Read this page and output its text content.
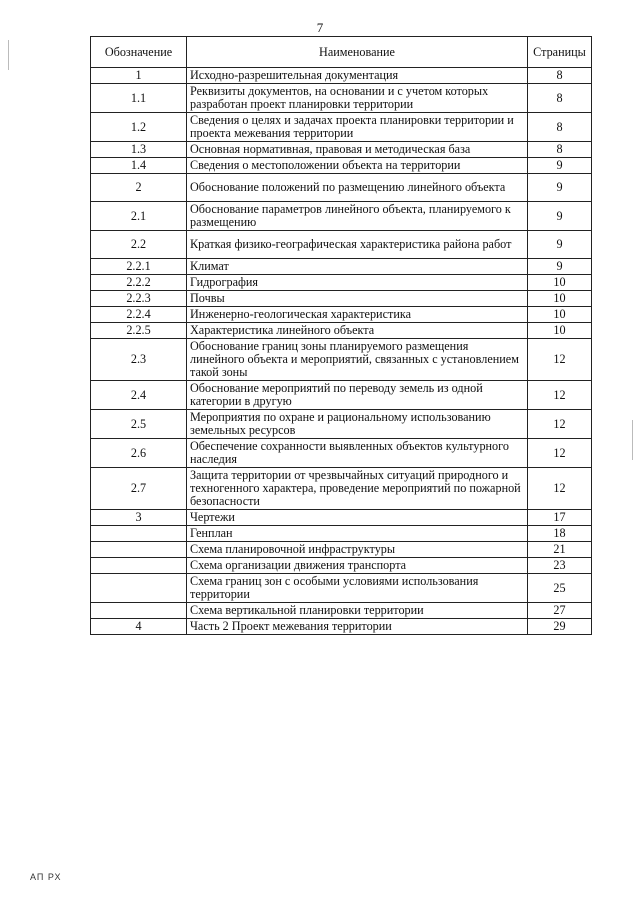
7
Обозначение	Наименование	Страницы
1	Исходно-разрешительная документация	8
1.1	Реквизиты документов, на основании и с учетом которых разработан проект планировки территории	8
1.2	Сведения о целях и задачах проекта планировки территории и проекта межевания территории	8
1.3	Основная нормативная, правовая и методическая база	8
1.4	Сведения о местоположении объекта на территории	9
2	Обоснование положений по размещению линейного объекта	9
2.1	Обоснование параметров линейного объекта, планируемого к размещению	9
2.2	Краткая физико-географическая характеристика района работ	9
2.2.1	Климат	9
2.2.2	Гидрография	10
2.2.3	Почвы	10
2.2.4	Инженерно-геологическая характеристика	10
2.2.5	Характеристика линейного объекта	10
2.3	Обоснование границ зоны планируемого размещения линейного объекта и мероприятий, связанных с установлением такой зоны	12
2.4	Обоснование мероприятий по переводу земель из одной категории в другую	12
2.5	Мероприятия по охране и рациональному использованию земельных ресурсов	12
2.6	Обеспечение сохранности выявленных объектов культурного наследия	12
2.7	Защита территории от чрезвычайных ситуаций природного и техногенного характера, проведение мероприятий по пожарной безопасности	12
3	Чертежи	17
	Генплан	18
	Схема планировочной инфраструктуры	21
	Схема организации движения транспорта	23
	Схема границ зон с особыми условиями использования территории	25
	Схема вертикальной планировки территории	27
4	Часть 2 Проект межевания территории	29
АП РХ
